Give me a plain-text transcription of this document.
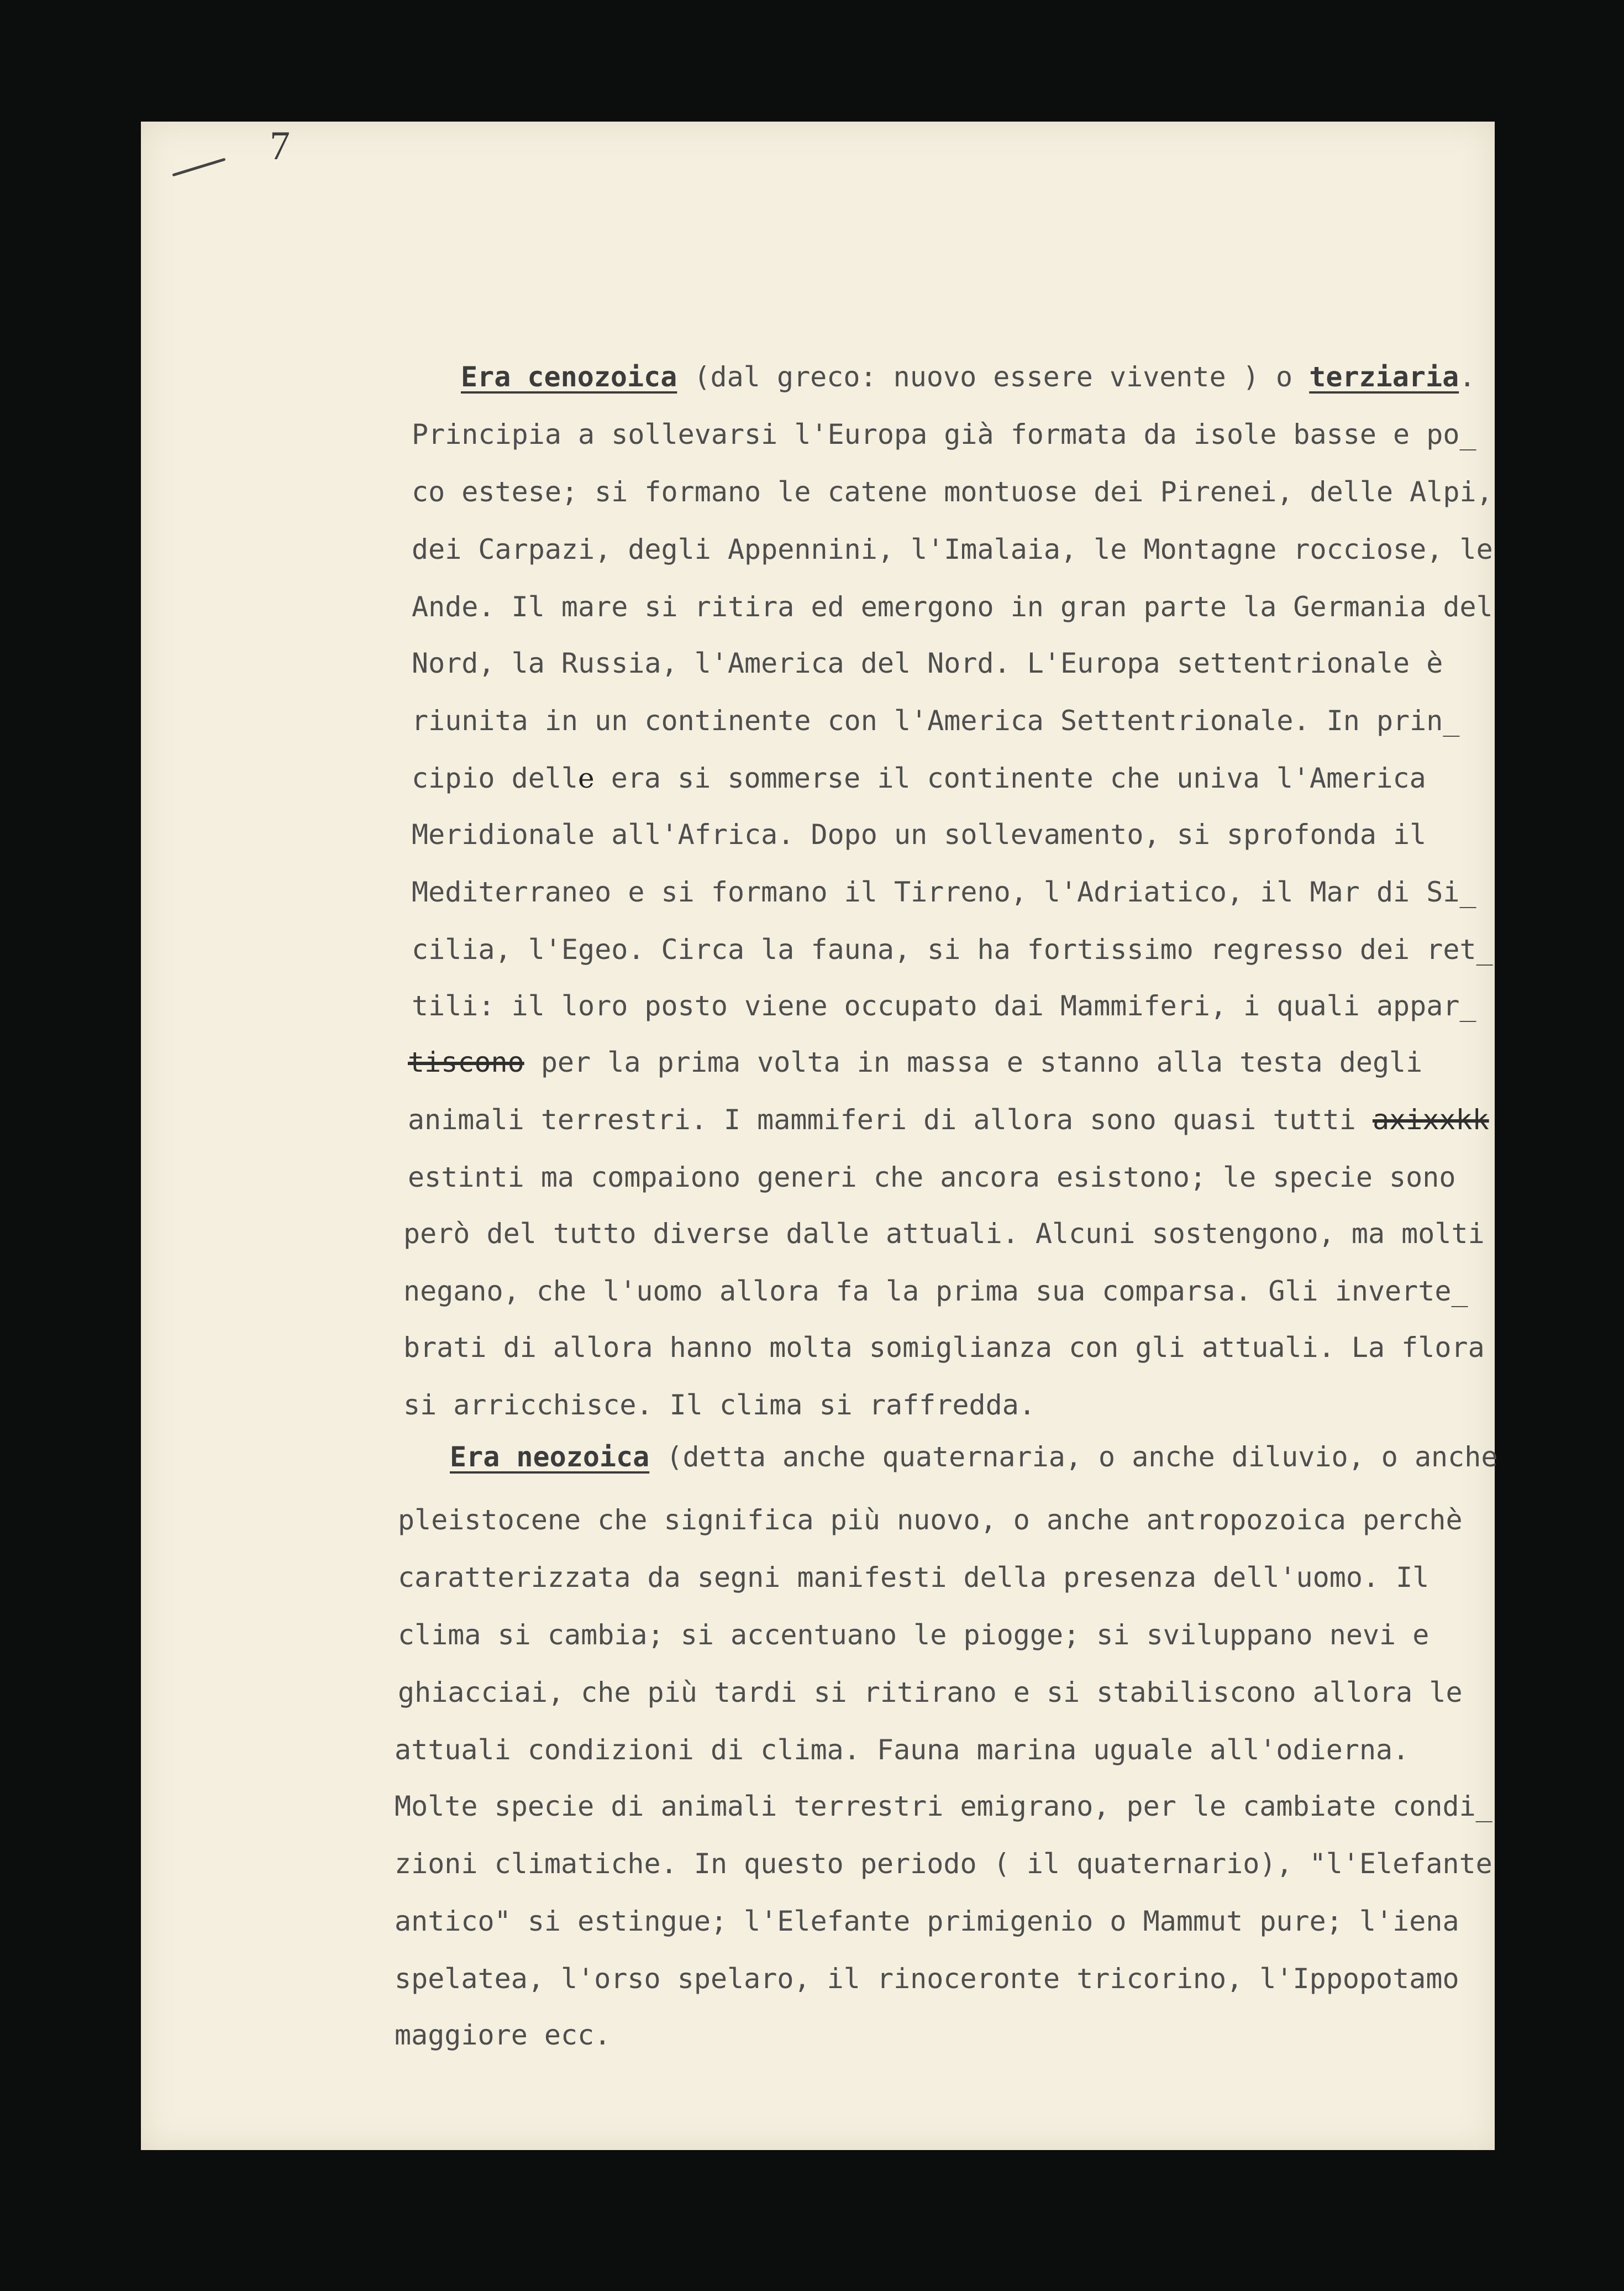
7
Era cenozoica (dal greco: nuovo essere vivente ) o terziaria.
Principia a sollevarsi l'Europa già formata da isole basse e po_
co estese; si formano le catene montuose dei Pirenei, delle Alpi,
dei Carpazi, degli Appennini, l'Imalaia, le Montagne rocciose, le
Ande. Il mare si ritira ed emergono in gran parte la Germania del
Nord, la Russia, l'America del Nord. L'Europa settentrionale è
riunita in un continente con l'America Settentrionale. In prin_
cipio delle era si sommerse il continente che univa l'America
Meridionale all'Africa. Dopo un sollevamento, si sprofonda il
Mediterraneo e si formano il Tirreno, l'Adriatico, il Mar di Si_
cilia, l'Egeo. Circa la fauna, si ha fortissimo regresso dei ret_
tili: il loro posto viene occupato dai Mammiferi, i quali appar_
tiscono per la prima volta in massa e stanno alla testa degli
animali terrestri. I mammiferi di allora sono quasi tutti axixxkk
estinti ma compaiono generi che ancora esistono; le specie sono
però del tutto diverse dalle attuali. Alcuni sostengono, ma molti
negano, che l'uomo allora fa la prima sua comparsa. Gli inverte_
brati di allora hanno molta somiglianza con gli attuali. La flora
si arricchisce. Il clima si raffredda.
Era neozoica (detta anche quaternaria, o anche diluvio, o anche
pleistocene che significa più nuovo, o anche antropozoica perchè
caratterizzata da segni manifesti della presenza dell'uomo. Il
clima si cambia; si accentuano le piogge; si sviluppano nevi e
ghiacciai, che più tardi si ritirano e si stabiliscono allora le
attuali condizioni di clima. Fauna marina uguale all'odierna.
Molte specie di animali terrestri emigrano, per le cambiate condi_
zioni climatiche. In questo periodo ( il quaternario), "l'Elefante
antico" si estingue; l'Elefante primigenio o Mammut pure; l'iena
spelatea, l'orso spelaro, il rinoceronte tricorino, l'Ippopotamo
maggiore ecc.
